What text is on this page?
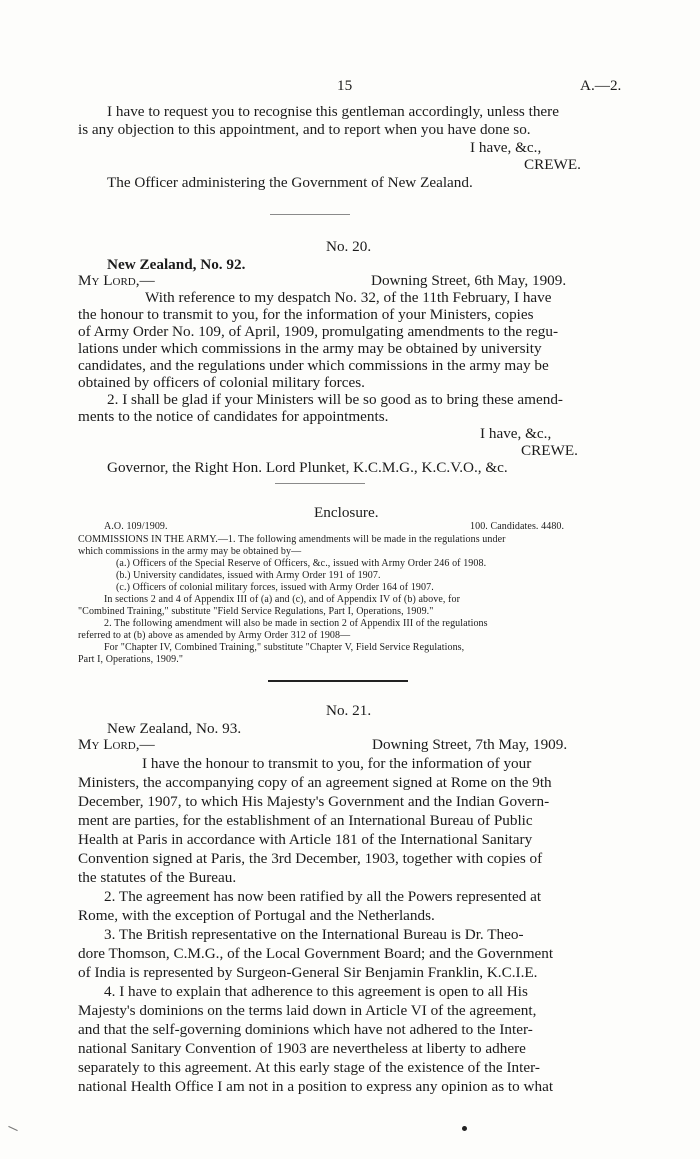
15	A.—2.
I have to request you to recognise this gentleman accordingly, unless there
is any objection to this appointment, and to report when you have done so.
I have, &c.,
CREWE.
The Officer administering the Government of New Zealand.
No. 20.
New Zealand, No. 92.
My Lord,—	Downing Street, 6th May, 1909.
With reference to my despatch No. 32, of the 11th February, I have
the honour to transmit to you, for the information of your Ministers, copies
of Army Order No. 109, of April, 1909, promulgating amendments to the regu-
lations under which commissions in the army may be obtained by university
candidates, and the regulations under which commissions in the army may be
obtained by officers of colonial military forces.
2. I shall be glad if your Ministers will be so good as to bring these amend-
ments to the notice of candidates for appointments.
I have, &c.,
CREWE.
Governor, the Right Hon. Lord Plunket, K.C.M.G., K.C.V.O., &c.
Enclosure.
A.O. 109/1909.	100. Candidates. 4480.
COMMISSIONS IN THE ARMY.—1. The following amendments will be made in the regulations under
which commissions in the army may be obtained by—
(a.) Officers of the Special Reserve of Officers, &c., issued with Army Order 246 of 1908.
(b.) University candidates, issued with Army Order 191 of 1907.
(c.) Officers of colonial military forces, issued with Army Order 164 of 1907.
In sections 2 and 4 of Appendix III of (a) and (c), and of Appendix IV of (b) above, for
"Combined Training," substitute "Field Service Regulations, Part I, Operations, 1909."
2. The following amendment will also be made in section 2 of Appendix III of the regulations
referred to at (b) above as amended by Army Order 312 of 1908—
For "Chapter IV, Combined Training," substitute "Chapter V, Field Service Regulations,
Part I, Operations, 1909."
No. 21.
New Zealand, No. 93.
My Lord,—	Downing Street, 7th May, 1909.
I have the honour to transmit to you, for the information of your
Ministers, the accompanying copy of an agreement signed at Rome on the 9th
December, 1907, to which His Majesty's Government and the Indian Govern-
ment are parties, for the establishment of an International Bureau of Public
Health at Paris in accordance with Article 181 of the International Sanitary
Convention signed at Paris, the 3rd December, 1903, together with copies of
the statutes of the Bureau.
2. The agreement has now been ratified by all the Powers represented at
Rome, with the exception of Portugal and the Netherlands.
3. The British representative on the International Bureau is Dr. Theo-
dore Thomson, C.M.G., of the Local Government Board; and the Government
of India is represented by Surgeon-General Sir Benjamin Franklin, K.C.I.E.
4. I have to explain that adherence to this agreement is open to all His
Majesty's dominions on the terms laid down in Article VI of the agreement,
and that the self-governing dominions which have not adhered to the Inter-
national Sanitary Convention of 1903 are nevertheless at liberty to adhere
separately to this agreement. At this early stage of the existence of the Inter-
national Health Office I am not in a position to express any opinion as to what
